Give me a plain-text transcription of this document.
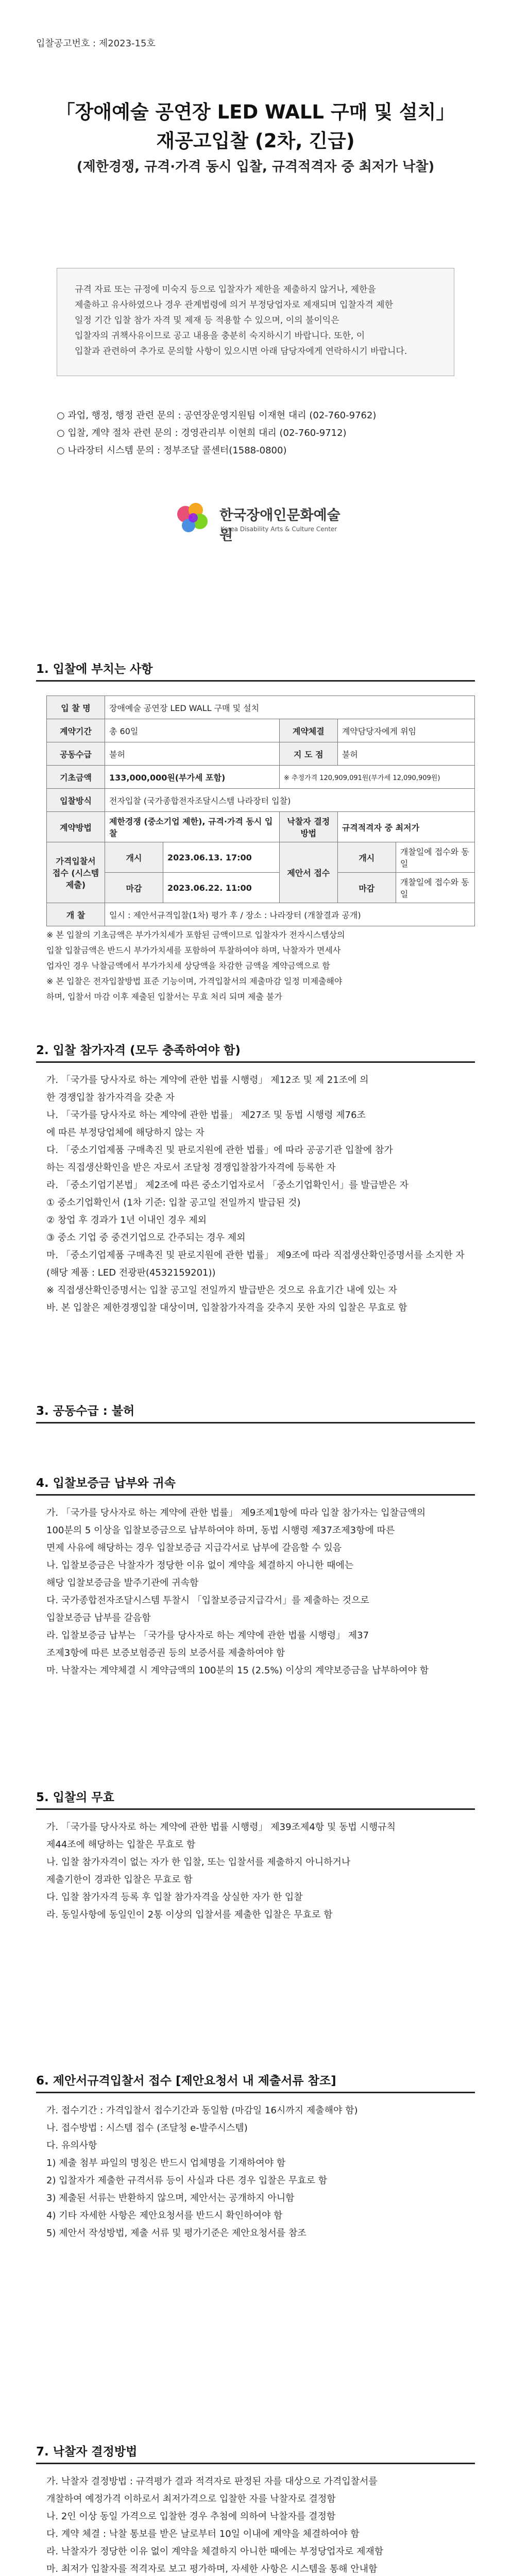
입찰공고번호 : 제2023-15호
「장애예술 공연장 LED WALL 구매 및 설치」
재공고입찰 (2차, 긴급)
(제한경쟁, 규격·가격 동시 입찰, 규격적격자 중 최저가 낙찰)
규격 자료 또는 규정에 미숙지 등으로 입찰자가 제한을 제출하지 않거나, 제한을
제출하고 유사하였으나 경우 관계법령에 의거 부정당업자로 제재되며 입찰자격 제한
일정 기간 입찰 참가 자격 및 제재 등 적용할 수 있으며, 이의 불이익은
입찰자의 귀책사유이므로 공고 내용을 충분히 숙지하시기 바랍니다. 또한, 이
입찰과 관련하여 추가로 문의할 사항이 있으시면 아래 담당자에게 연락하시기 바랍니다.
○ 과업, 행정, 행정 관련 문의 : 공연장운영지원팀 이재현 대리 (02-760-9762)
○ 입찰, 계약 절차 관련 문의 : 경영관리부 이현희 대리 (02-760-9712)
○ 나라장터 시스템 문의 : 정부조달 콜센터(1588-0800)
한국장애인문화예술원
Korea Disability Arts & Culture Center
1. 입찰에 부치는 사항
입 찰 명	장애예술 공연장 LED WALL 구매 및 설치				
계약기간	총 60일		계약체결	계약담당자에게 위임	
공동수급	불허		지 도 점	불허	
기초금액	133,000,000원(부가세 포함)		※ 추정가격 120,909,091원(부가세 12,090,909원)		
입찰방식	전자입찰 (국가종합전자조달시스템 나라장터 입찰)				
계약방법	제한경쟁 (중소기업 제한), 규격·가격 동시 입찰		낙찰자 결정방법	규격적격자 중 최저가	
가격입찰서 접수 (시스템 제출)	개시	2023.06.13. 17:00	제안서 접수	개시	개찰일에 접수와 동일
	마감	2023.06.22. 11:00		마감	개찰일에 접수와 동일
개 찰	일시 : 제안서규격입찰(1차) 평가 후 / 장소 : 나라장터 (개찰결과 공개)				
※ 본 입찰의 기초금액은 부가가치세가 포함된 금액이므로 입찰자가 전자시스템상의
입찰 입찰금액은 반드시 부가가치세를 포함하여 투찰하여야 하며, 낙찰자가 면세사
업자인 경우 낙찰금액에서 부가가치세 상당액을 차감한 금액을 계약금액으로 함
※ 본 입찰은 전자입찰방법 표준 기능이며, 가격입찰서의 제출마감 일정 미제출해야
하며, 입찰서 마감 이후 제출된 입찰서는 무효 처리 되며 제출 불가
2. 입찰 참가자격 (모두 충족하여야 함)
가. 「국가를 당사자로 하는 계약에 관한 법률 시행령」 제12조 및 제 21조에 의
한 경쟁입찰 참가자격을 갖춘 자
나. 「국가를 당사자로 하는 계약에 관한 법률」 제27조 및 동법 시행령 제76조
에 따른 부정당업체에 해당하지 않는 자
다. 「중소기업제품 구매촉진 및 판로지원에 관한 법률」에 따라 공공기관 입찰에 참가
하는 직접생산확인을 받은 자로서 조달청 경쟁입찰참가자격에 등록한 자
라. 「중소기업기본법」 제2조에 따른 중소기업자로서 「중소기업확인서」를 발급받은 자
① 중소기업확인서 (1차 기준: 입찰 공고일 전일까지 발급된 것)
② 창업 후 경과가 1년 이내인 경우 제외
③ 중소 기업 중 중견기업으로 간주되는 경우 제외
마. 「중소기업제품 구매촉진 및 판로지원에 관한 법률」 제9조에 따라 직접생산확인증명서를 소지한 자
(해당 제품 : LED 전광판(4532159201))
※ 직접생산확인증명서는 입찰 공고일 전일까지 발급받은 것으로 유효기간 내에 있는 자
바. 본 입찰은 제한경쟁입찰 대상이며, 입찰참가자격을 갖추지 못한 자의 입찰은 무효로 함
3. 공동수급 : 불허
4. 입찰보증금 납부와 귀속
가. 「국가를 당사자로 하는 계약에 관한 법률」 제9조제1항에 따라 입찰 참가자는 입찰금액의
100분의 5 이상을 입찰보증금으로 납부하여야 하며, 동법 시행령 제37조제3항에 따른
면제 사유에 해당하는 경우 입찰보증금 지급각서로 납부에 갈음할 수 있음
나. 입찰보증금은 낙찰자가 정당한 이유 없이 계약을 체결하지 아니한 때에는
해당 입찰보증금을 발주기관에 귀속함
다. 국가종합전자조달시스템 투찰시 「입찰보증금지급각서」를 제출하는 것으로
입찰보증금 납부를 갈음함
라. 입찰보증금 납부는 「국가를 당사자로 하는 계약에 관한 법률 시행령」 제37
조제3항에 따른 보증보험증권 등의 보증서를 제출하여야 함
마. 낙찰자는 계약체결 시 계약금액의 100분의 15 (2.5%) 이상의 계약보증금을 납부하여야 함
5. 입찰의 무효
가. 「국가를 당사자로 하는 계약에 관한 법률 시행령」 제39조제4항 및 동법 시행규칙
제44조에 해당하는 입찰은 무효로 함
나. 입찰 참가자격이 없는 자가 한 입찰, 또는 입찰서를 제출하지 아니하거나
제출기한이 경과한 입찰은 무효로 함
다. 입찰 참가자격 등록 후 입찰 참가자격을 상실한 자가 한 입찰
라. 동일사항에 동일인이 2통 이상의 입찰서를 제출한 입찰은 무효로 함
6. 제안서규격입찰서 접수 [제안요청서 내 제출서류 참조]
가. 접수기간 : 가격입찰서 접수기간과 동일함 (마감일 16시까지 제출해야 함)
나. 접수방법 : 시스템 접수 (조달청 e-발주시스템)
다. 유의사항
1) 제출 첨부 파일의 명칭은 반드시 업체명을 기재하여야 함
2) 입찰자가 제출한 규격서류 등이 사실과 다른 경우 입찰은 무효로 함
3) 제출된 서류는 반환하지 않으며, 제안서는 공개하지 아니함
4) 기타 자세한 사항은 제안요청서를 반드시 확인하여야 함
5) 제안서 작성방법, 제출 서류 및 평가기준은 제안요청서를 참조
7. 낙찰자 결정방법
가. 낙찰자 결정방법 : 규격평가 결과 적격자로 판정된 자를 대상으로 가격입찰서를
개찰하여 예정가격 이하로서 최저가격으로 입찰한 자를 낙찰자로 결정함
나. 2인 이상 동일 가격으로 입찰한 경우 추첨에 의하여 낙찰자를 결정함
다. 계약 체결 : 낙찰 통보를 받은 날로부터 10일 이내에 계약을 체결하여야 함
라. 낙찰자가 정당한 이유 없이 계약을 체결하지 아니한 때에는 부정당업자로 제재함
마. 최저가 입찰자를 적격자로 보고 평가하며, 자세한 사항은 시스템을 통해 안내함
